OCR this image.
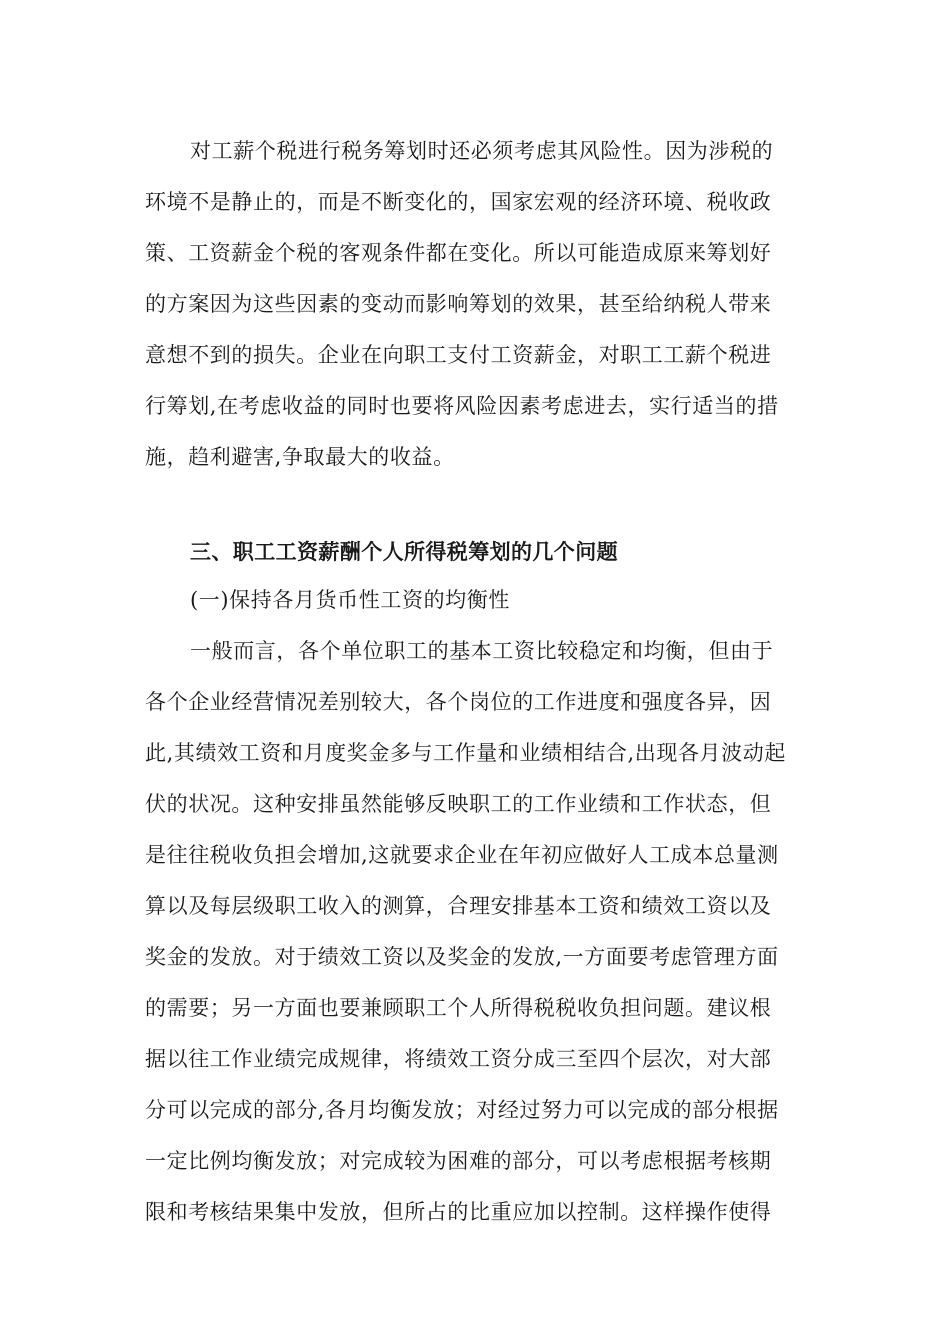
对工薪个税进行税务筹划时还必须考虑其风险性。因为涉税的
环境不是静止的，而是不断变化的，国家宏观的经济环境、税收政
策、工资薪金个税的客观条件都在变化。所以可能造成原来筹划好
的方案因为这些因素的变动而影响筹划的效果，甚至给纳税人带来
意想不到的损失。企业在向职工支付工资薪金，对职工工薪个税进
行筹划,在考虑收益的同时也要将风险因素考虑进去，实行适当的措
施，趋利避害,争取最大的收益。
三、职工工资薪酬个人所得税筹划的几个问题
(一)保持各月货币性工资的均衡性
一般而言，各个单位职工的基本工资比较稳定和均衡，但由于
各个企业经营情况差别较大，各个岗位的工作进度和强度各异，因
此,其绩效工资和月度奖金多与工作量和业绩相结合,出现各月波动起
伏的状况。这种安排虽然能够反映职工的工作业绩和工作状态，但
是往往税收负担会增加,这就要求企业在年初应做好人工成本总量测
算以及每层级职工收入的测算，合理安排基本工资和绩效工资以及
奖金的发放。对于绩效工资以及奖金的发放,一方面要考虑管理方面
的需要；另一方面也要兼顾职工个人所得税税收负担问题。建议根
据以往工作业绩完成规律，将绩效工资分成三至四个层次，对大部
分可以完成的部分,各月均衡发放；对经过努力可以完成的部分根据
一定比例均衡发放；对完成较为困难的部分，可以考虑根据考核期
限和考核结果集中发放，但所占的比重应加以控制。这样操作使得
